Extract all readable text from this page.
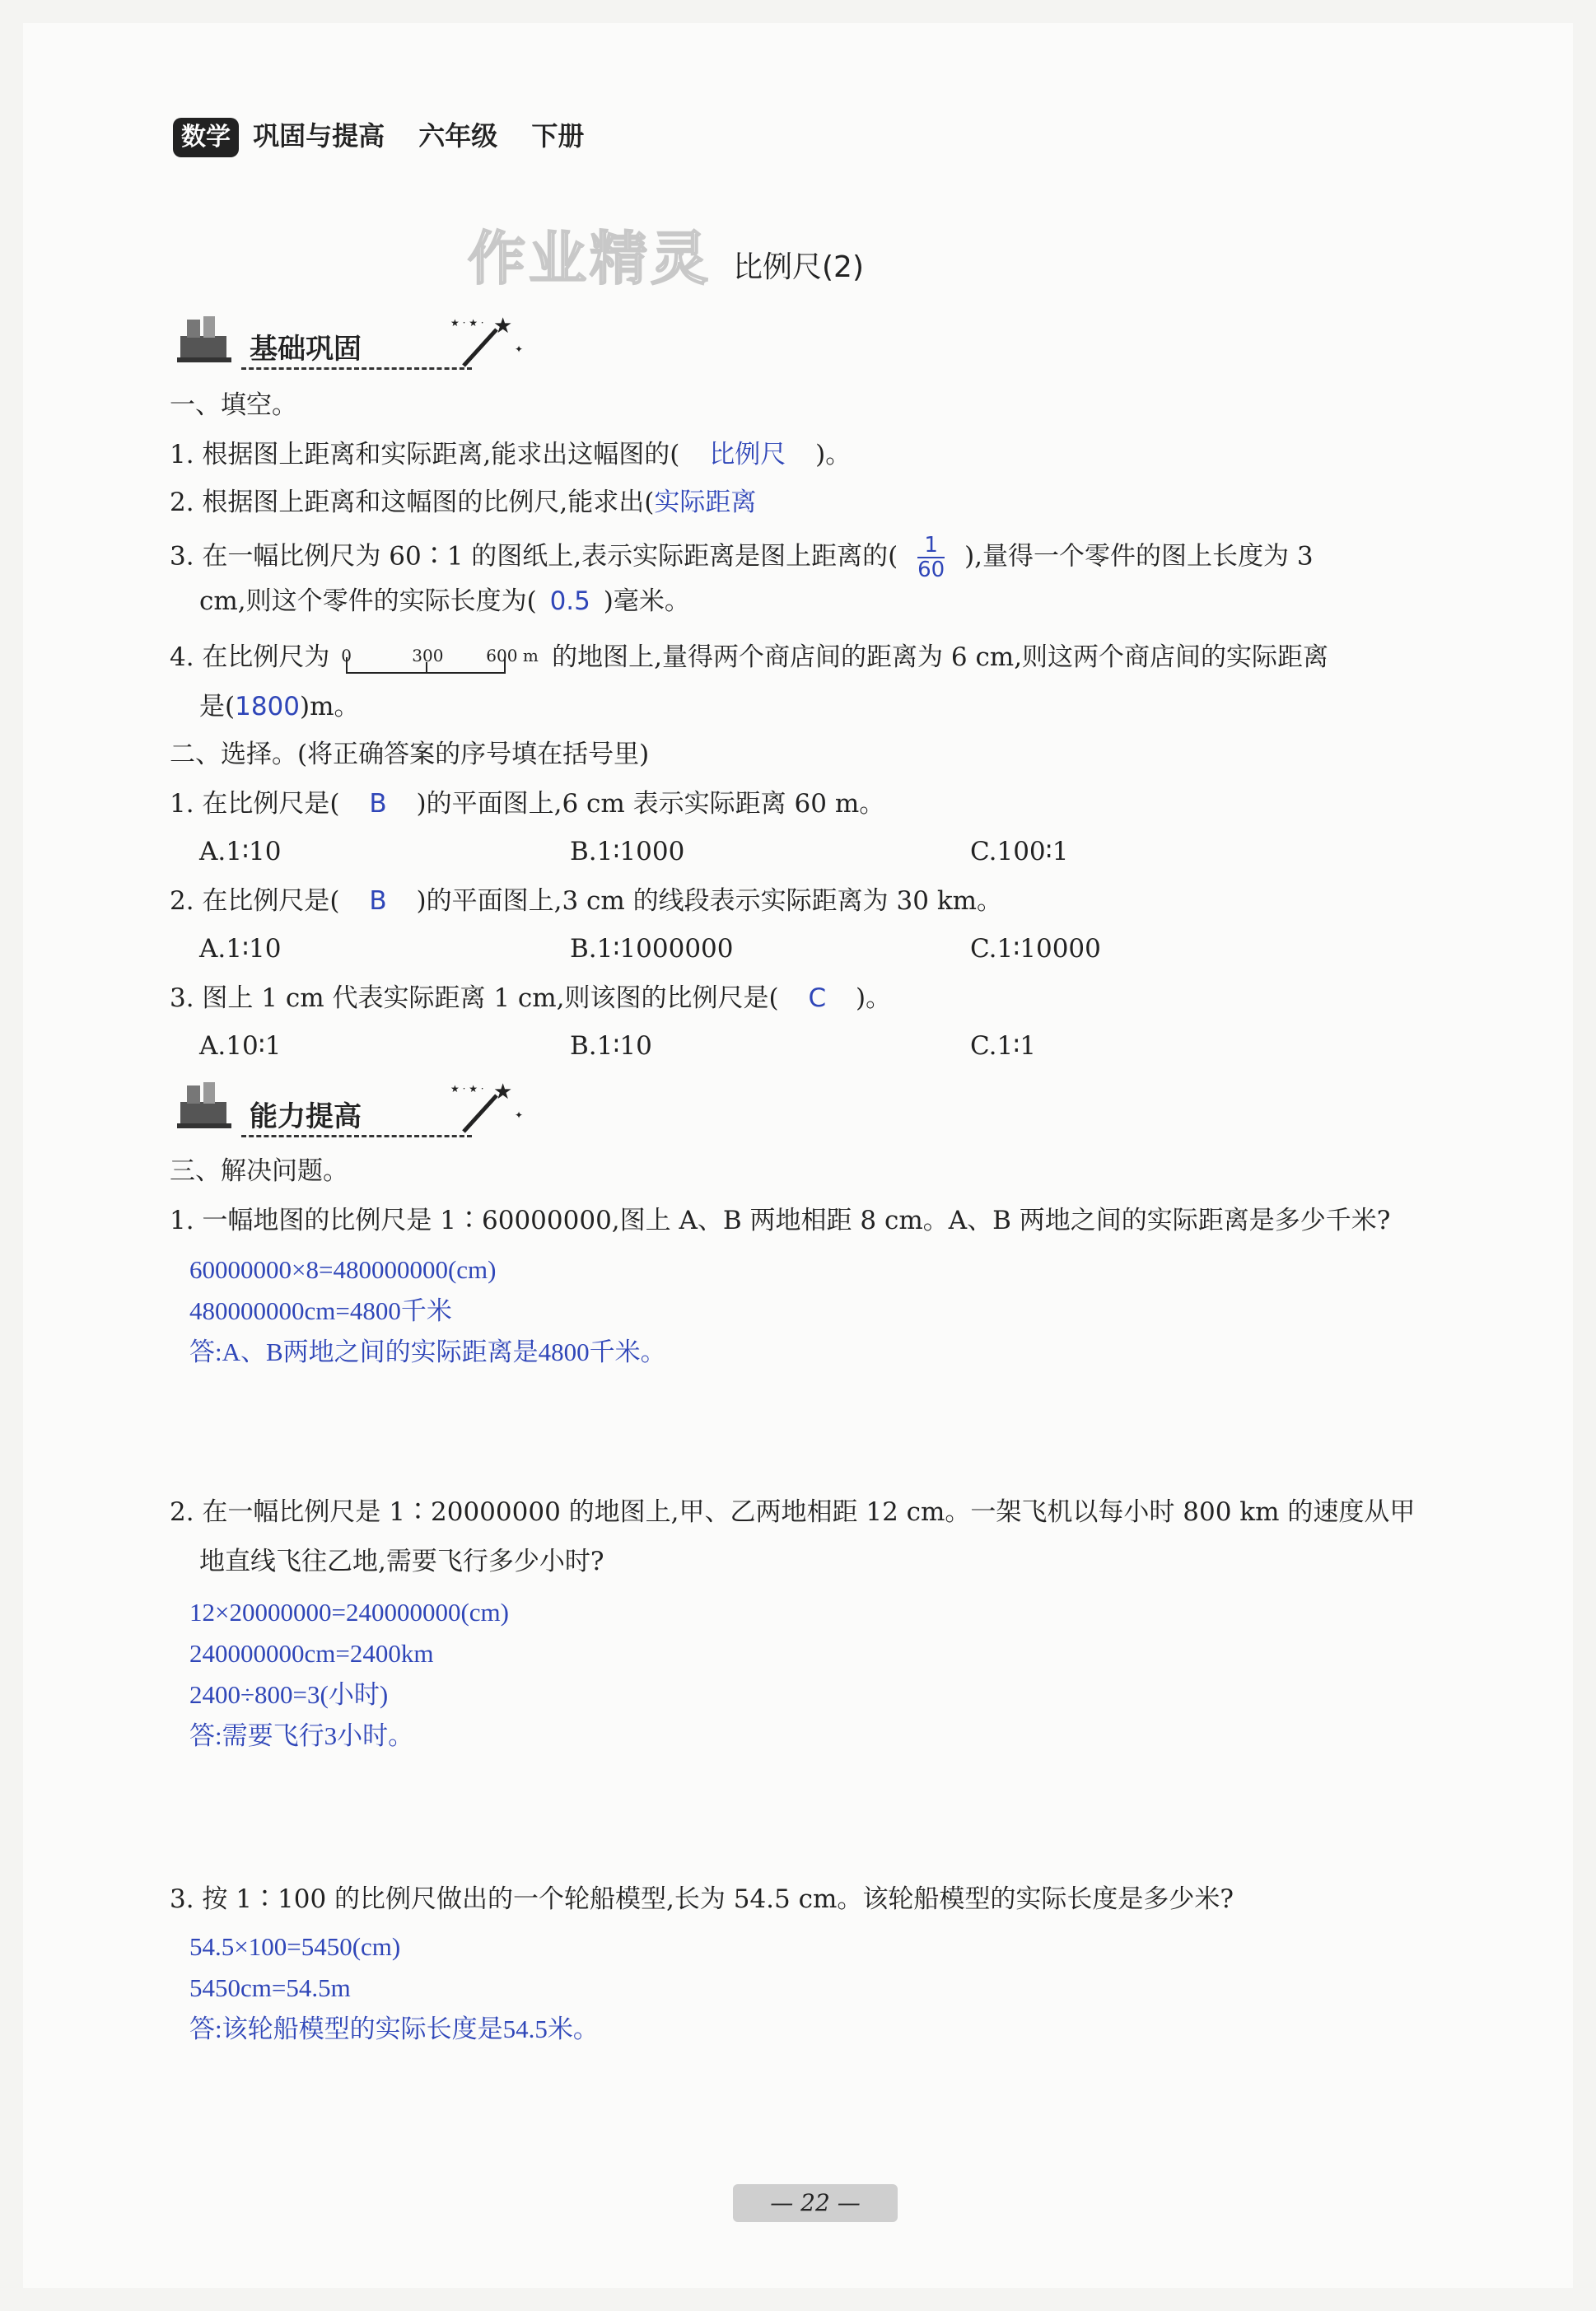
数学 巩固与提高 六年级 下册
作业精灵 比例尺(2)
基础巩固
★
★ · ★ ·
✦
一、填空。
1. 根据图上距离和实际距离,能求出这幅图的( 比例尺 )。
2. 根据图上距离和这幅图的比例尺,能求出(实际距离
3. 在一幅比例尺为 60∶1 的图纸上,表示实际距离是图上距离的( $\frac{1}{60}$ ),量得一个零件的图上长度为 3
cm,则这个零件的实际长度为( 0.5 )毫米。
4. 在比例尺为 0	300	600 m 的地图上,量得两个商店间的距离为 6 cm,则这两个商店间的实际距离
是(1800)m。
二、选择。(将正确答案的序号填在括号里)
1. 在比例尺是( B )的平面图上,6 cm 表示实际距离 60 m。
A.1∶10	B.1∶1000	C.100∶1
2. 在比例尺是( B )的平面图上,3 cm 的线段表示实际距离为 30 km。
A.1∶10	B.1∶1000000	C.1∶10000
3. 图上 1 cm 代表实际距离 1 cm,则该图的比例尺是( C )。
A.10∶1	B.1∶10	C.1∶1
能力提高
★
★ · ★ ·
✦
三、解决问题。
1. 一幅地图的比例尺是 1∶60000000,图上 A、B 两地相距 8 cm。A、B 两地之间的实际距离是多少千米?
60000000×8=480000000(cm)
480000000cm=4800千米
答:A、B两地之间的实际距离是4800千米。
2. 在一幅比例尺是 1∶20000000 的地图上,甲、乙两地相距 12 cm。一架飞机以每小时 800 km 的速度从甲
地直线飞往乙地,需要飞行多少小时?
12×20000000=240000000(cm)
240000000cm=2400km
2400÷800=3(小时)
答:需要飞行3小时。
3. 按 1∶100 的比例尺做出的一个轮船模型,长为 54.5 cm。该轮船模型的实际长度是多少米?
54.5×100=5450(cm)
5450cm=54.5m
答:该轮船模型的实际长度是54.5米。
— 22 —
